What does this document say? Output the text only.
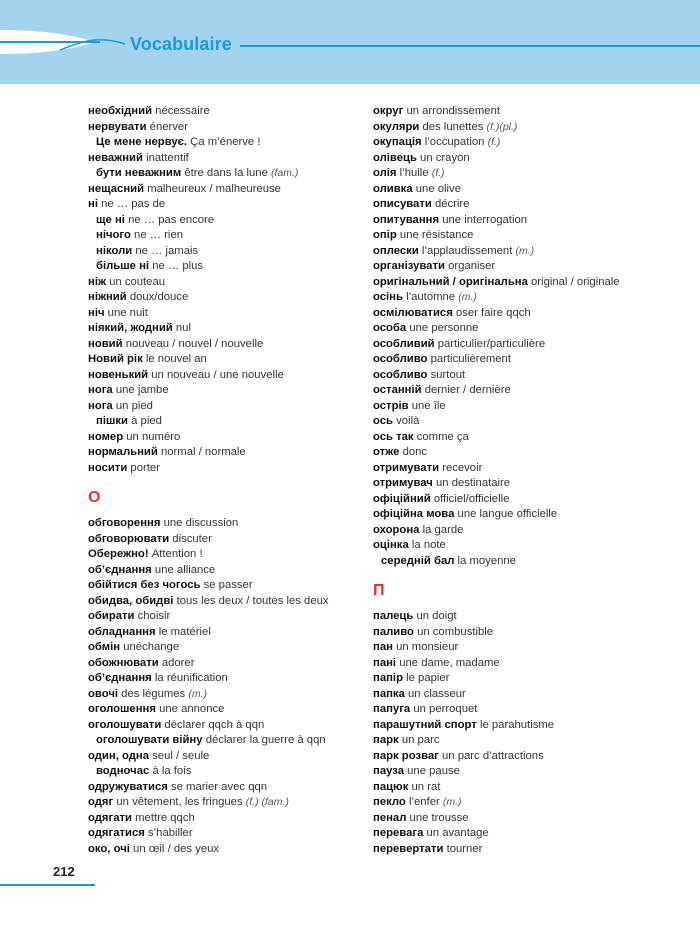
Vocabulaire
необхідний nécessaire
нервувати énerver
Це мене нервує. Ça m’énerve !
неважний inattentif
бути неважним être dans la lune (fam.)
нещасний malheureux / malheureuse
ні ne … pas de
ще ні ne … pas encore
нічого ne … rien
ніколи ne … jamais
більше ні ne … plus
ніж un couteau
ніжний doux/douce
ніч une nuit
ніякий, жодний nul
новий nouveau / nouvel / nouvelle
Новий рік le nouvel an
новенький un nouveau / une nouvelle
нога une jambe
нога un pied
пішки à pied
номер un numéro
нормальний normal / normale
носити porter
О
обговорення une discussion
обговорювати discuter
Обережно! Attention !
об’єднання une alliance
обійтися без чогось se passer
обидва, обидві tous les deux / toutes les deux
обирати choisir
обладнання le matériel
обмін unéchange
обожнювати adorer
об’єднання la réunification
овочі des légumes (m.)
оголошення une annonce
оголошувати déclarer qqch à qqn
оголошувати війну déclarer la guerre à qqn
один, одна seul / seule
водночас à la fois
одружуватися se marier avec qqn
одяг un vêtement, les fringues (f.) (fam.)
одягати mettre qqch
одягатися s’habiller
око, очі un œil / des yeux
округ un arrondissement
окуляри des lunettes (f.)(pl.)
окупація l’occupation (f.)
олівець un crayon
олія l’huile (f.)
оливка une olive
описувати décrire
опитування une interrogation
опір une résistance
оплески l’applaudissement (m.)
організувати organiser
оригінальний / оригінальна original / originale
осінь l’automne (m.)
осмілюватися oser faire qqch
особа une personne
особливий particulier/particulière
особливо particulièrement
особливо surtout
останній dernier / dernière
острів une île
ось voilà
ось так comme ça
отже donc
отримувати recevoir
отримувач un destinataire
офіційний officiel/officielle
офіційна мова une langue officielle
охорона la garde
оцінка la note
середній бал la moyenne
П
палець un doigt
паливо un combustible
пан un monsieur
пані une dame, madame
папір le papier
папка un classeur
папуга un perroquet
парашутний спорт le parahutisme
парк un parc
парк розваг un parc d’attractions
пауза une pause
пацюк un rat
пекло l’enfer (m.)
пенал une trousse
перевага un avantage
перевертати tourner
212
